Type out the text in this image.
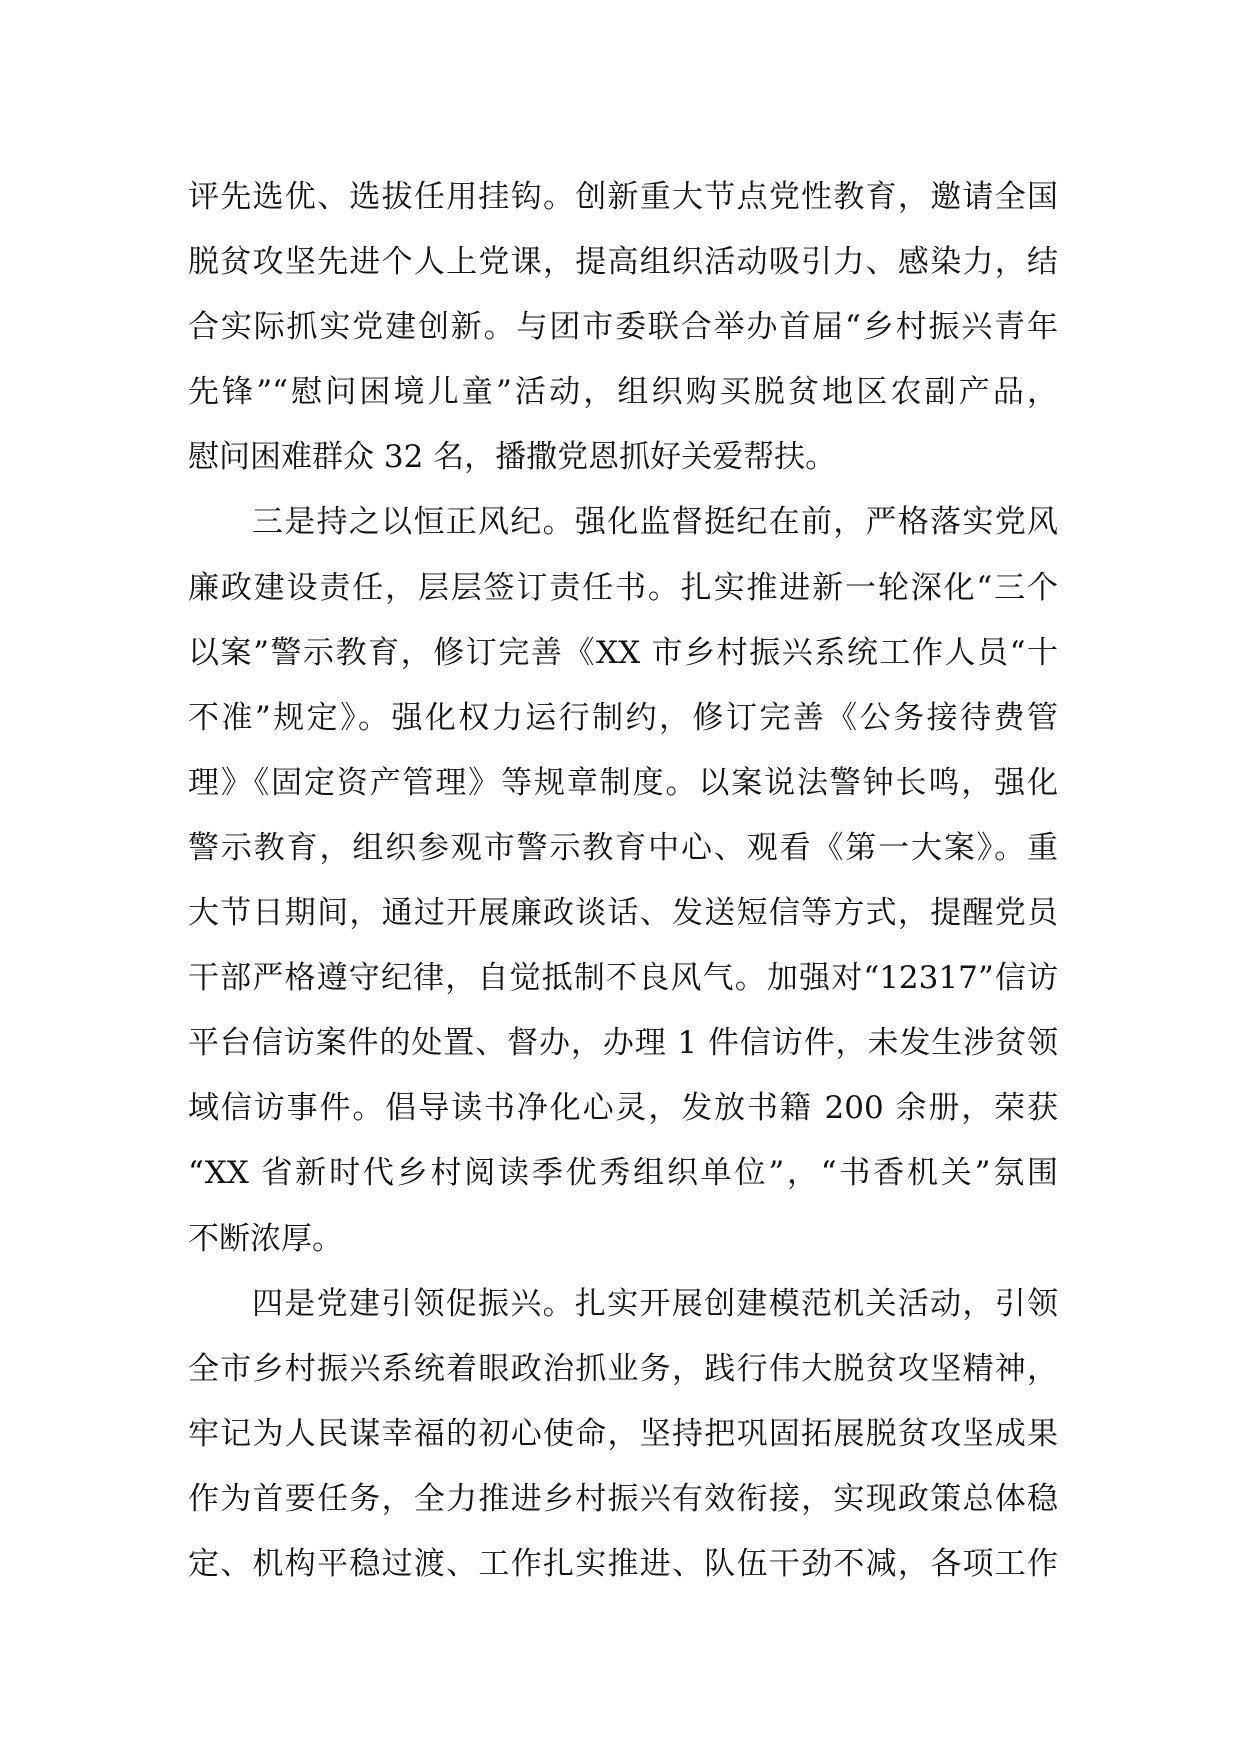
评先选优、选拔任用挂钩。创新重大节点党性教育，邀请全国
脱贫攻坚先进个人上党课，提高组织活动吸引力、感染力，结
合实际抓实党建创新。与团市委联合举办首届“乡村振兴青年
先锋”“慰问困境儿童”活动，组织购买脱贫地区农副产品，
慰问困难群众 32 名，播撒党恩抓好关爱帮扶。
三是持之以恒正风纪。强化监督挺纪在前，严格落实党风
廉政建设责任，层层签订责任书。扎实推进新一轮深化“三个
以案”警示教育，修订完善《XX 市乡村振兴系统工作人员“十
不准”规定》。强化权力运行制约，修订完善《公务接待费管
理》《固定资产管理》等规章制度。以案说法警钟长鸣，强化
警示教育，组织参观市警示教育中心、观看《第一大案》。重
大节日期间，通过开展廉政谈话、发送短信等方式，提醒党员
干部严格遵守纪律，自觉抵制不良风气。加强对“12317”信访
平台信访案件的处置、督办，办理 1 件信访件，未发生涉贫领
域信访事件。倡导读书净化心灵，发放书籍 200 余册，荣获
“XX 省新时代乡村阅读季优秀组织单位”，“书香机关”氛围
不断浓厚。
四是党建引领促振兴。扎实开展创建模范机关活动，引领
全市乡村振兴系统着眼政治抓业务，践行伟大脱贫攻坚精神，
牢记为人民谋幸福的初心使命，坚持把巩固拓展脱贫攻坚成果
作为首要任务，全力推进乡村振兴有效衔接，实现政策总体稳
定、机构平稳过渡、工作扎实推进、队伍干劲不减，各项工作
